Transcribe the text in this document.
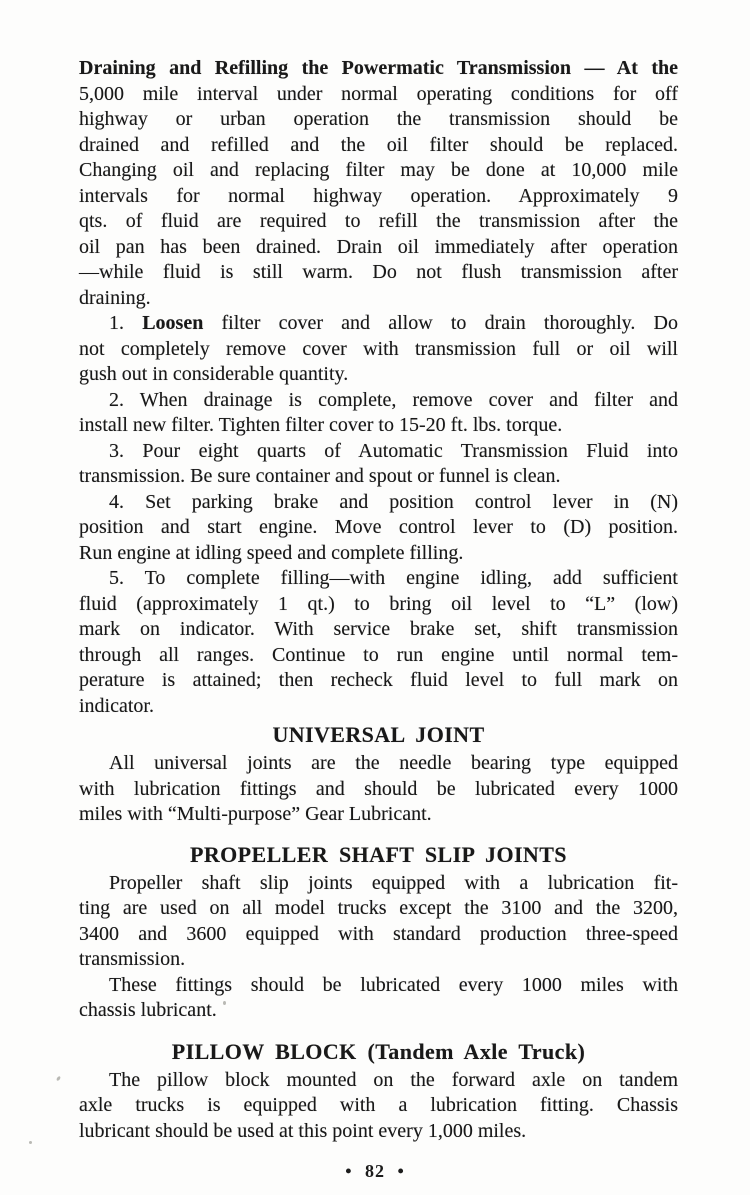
Draining and Refilling the Powermatic Transmission — At the
5,000 mile interval under normal operating conditions for off
highway or urban operation the transmission should be
drained and refilled and the oil filter should be replaced.
Changing oil and replacing filter may be done at 10,000 mile
intervals for normal highway operation. Approximately 9
qts. of fluid are required to refill the transmission after the
oil pan has been drained. Drain oil immediately after operation
—while fluid is still warm. Do not flush transmission after
draining.
1. Loosen filter cover and allow to drain thoroughly. Do
not completely remove cover with transmission full or oil will
gush out in considerable quantity.
2. When drainage is complete, remove cover and filter and
install new filter. Tighten filter cover to 15-20 ft. lbs. torque.
3. Pour eight quarts of Automatic Transmission Fluid into
transmission. Be sure container and spout or funnel is clean.
4. Set parking brake and position control lever in (N)
position and start engine. Move control lever to (D) position.
Run engine at idling speed and complete filling.
5. To complete filling—with engine idling, add sufficient
fluid (approximately 1 qt.) to bring oil level to “L” (low)
mark on indicator. With service brake set, shift transmission
through all ranges. Continue to run engine until normal tem-
perature is attained; then recheck fluid level to full mark on
indicator.
UNIVERSAL JOINT
All universal joints are the needle bearing type equipped
with lubrication fittings and should be lubricated every 1000
miles with “Multi-purpose” Gear Lubricant.
PROPELLER SHAFT SLIP JOINTS
Propeller shaft slip joints equipped with a lubrication fit-
ting are used on all model trucks except the 3100 and the 3200,
3400 and 3600 equipped with standard production three-speed
transmission.
These fittings should be lubricated every 1000 miles with
chassis lubricant.
PILLOW BLOCK (Tandem Axle Truck)
The pillow block mounted on the forward axle on tandem
axle trucks is equipped with a lubrication fitting. Chassis
lubricant should be used at this point every 1,000 miles.
• 82 •
